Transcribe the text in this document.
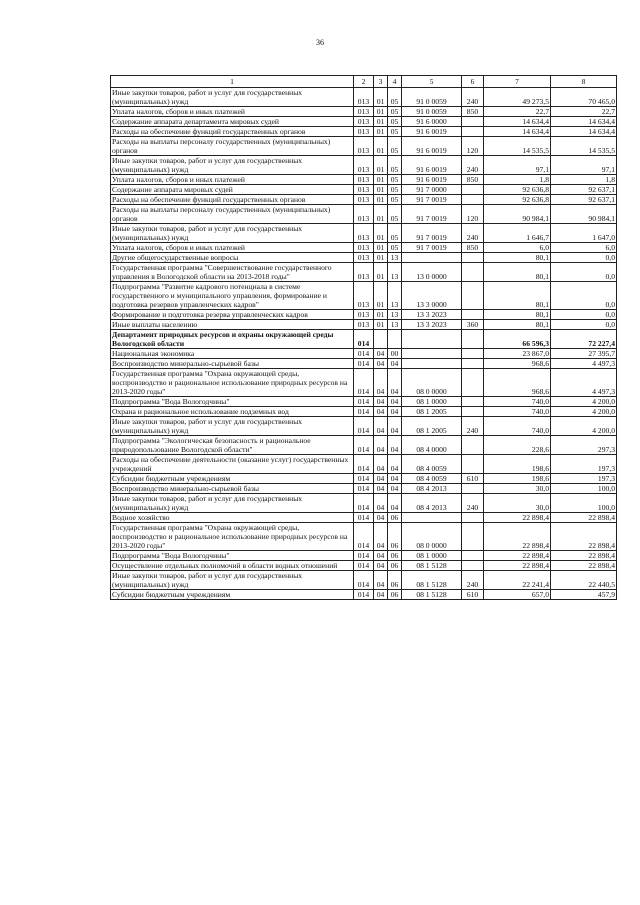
36
1	2	3	4	5	6	7	8
Иные закупки товаров, работ и услуг для государственных (муниципальных) нужд	013	01	05	91 0 0059	240	49 273,5	70 465,0
Уплата налогов, сборов и иных платежей	013	01	05	91 0 0059	850	22,7	22,7
Содержание аппарата департамента мировых судей	013	01	05	91 6 0000		14 634,4	14 634,4
Расходы на обеспечение функций государственных органов	013	01	05	91 6 0019		14 634,4	14 634,4
Расходы на выплаты персоналу государственных (муниципальных) органов	013	01	05	91 6 0019	120	14 535,5	14 535,5
Иные закупки товаров, работ и услуг для государственных (муниципальных) нужд	013	01	05	91 6 0019	240	97,1	97,1
Уплата налогов, сборов и иных платежей	013	01	05	91 6 0019	850	1,8	1,8
Содержание аппарата мировых судей	013	01	05	91 7 0000		92 636,8	92 637,1
Расходы на обеспечение функций государственных органов	013	01	05	91 7 0019		92 636,8	92 637,1
Расходы на выплаты персоналу государственных (муниципальных) органов	013	01	05	91 7 0019	120	90 984,1	90 984,1
Иные закупки товаров, работ и услуг для государственных (муниципальных) нужд	013	01	05	91 7 0019	240	1 646,7	1 647,0
Уплата налогов, сборов и иных платежей	013	01	05	91 7 0019	850	6,0	6,0
Другие общегосударственные вопросы	013	01	13			80,1	0,0
Государственная программа "Совершенствование государственного управления в Вологодской области на 2013-2018 годы"	013	01	13	13 0 0000		80,1	0,0
Подпрограмма "Развитие кадрового потенциала в системе государственного и муниципального управления, формирование и подготовка резервов управленческих кадров"	013	01	13	13 3 0000		80,1	0,0
Формирование и подготовка резерва управленческих кадров	013	01	13	13 3 2023		80,1	0,0
Иные выплаты населению	013	01	13	13 3 2023	360	80,1	0,0
Департамент природных ресурсов и охраны окружающей среды Вологодской области	014					66 596,3	72 227,4
Национальная экономика	014	04	00			23 867,0	27 395,7
Воспроизводство минерально-сырьевой базы	014	04	04			968,6	4 497,3
Государственная программа "Охрана окружающей среды, воспроизводство и рациональное использование природных ресурсов на 2013-2020 годы"	014	04	04	08 0 0000		968,6	4 497,3
Подпрограмма "Вода Вологодчины"	014	04	04	08 1 0000		740,0	4 200,0
Охрана и рациональное использование подземных вод	014	04	04	08 1 2005		740,0	4 200,0
Иные закупки товаров, работ и услуг для государственных (муниципальных) нужд	014	04	04	08 1 2005	240	740,0	4 200,0
Подпрограмма "Экологическая безопасность и рациональное природопользование Вологодской области"	014	04	04	08 4 0000		228,6	297,3
Расходы на обеспечение деятельности (оказание услуг) государственных учреждений	014	04	04	08 4 0059		198,6	197,3
Субсидии бюджетным учреждениям	014	04	04	08 4 0059	610	198,6	197,3
Воспроизводство минерально-сырьевой базы	014	04	04	08 4 2013		30,0	100,0
Иные закупки товаров, работ и услуг для государственных (муниципальных) нужд	014	04	04	08 4 2013	240	30,0	100,0
Водное хозяйство	014	04	06			22 898,4	22 898,4
Государственная программа "Охрана окружающей среды, воспроизводство и рациональное использование природных ресурсов на 2013-2020 годы"	014	04	06	08 0 0000		22 898,4	22 898,4
Подпрограмма "Вода Вологодчины"	014	04	06	08 1 0000		22 898,4	22 898,4
Осуществление отдельных полномочий в области водных отношений	014	04	06	08 1 5128		22 898,4	22 898,4
Иные закупки товаров, работ и услуг для государственных (муниципальных) нужд	014	04	06	08 1 5128	240	22 241,4	22 440,5
Субсидии бюджетным учреждениям	014	04	06	08 1 5128	610	657,0	457,9
